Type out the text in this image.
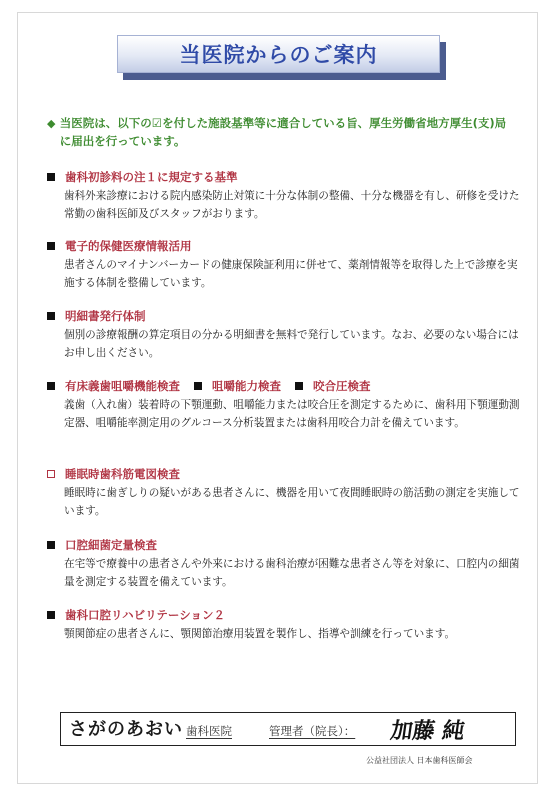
当医院からのご案内
◆ 当医院は、以下の☑を付した施設基準等に適合している旨、厚生労働省地方厚生(支)局に届出を行っています。
歯科初診料の注１に規定する基準
歯科外来診療における院内感染防止対策に十分な体制の整備、十分な機器を有し、研修を受けた常勤の歯科医師及びスタッフがおります。
電子的保健医療情報活用
患者さんのマイナンバーカードの健康保険証利用に併せて、薬剤情報等を取得した上で診療を実施する体制を整備しています。
明細書発行体制
個別の診療報酬の算定項目の分かる明細書を無料で発行しています。なお、必要のない場合にはお申し出ください。
有床義歯咀嚼機能検査	咀嚼能力検査	咬合圧検査
義歯（入れ歯）装着時の下顎運動、咀嚼能力または咬合圧を測定するために、歯科用下顎運動測定器、咀嚼能率測定用のグルコース分析装置または歯科用咬合力計を備えています。
睡眠時歯科筋電図検査
睡眠時に歯ぎしりの疑いがある患者さんに、機器を用いて夜間睡眠時の筋活動の測定を実施しています。
口腔細菌定量検査
在宅等で療養中の患者さんや外来における歯科治療が困難な患者さん等を対象に、口腔内の細菌量を測定する装置を備えています。
歯科口腔リハビリテーション２
顎関節症の患者さんに、顎関節治療用装置を製作し、指導や訓練を行っています。
さがのあおい 歯科医院	管理者（院長）： 加藤 純
公益社団法人 日本歯科医師会
